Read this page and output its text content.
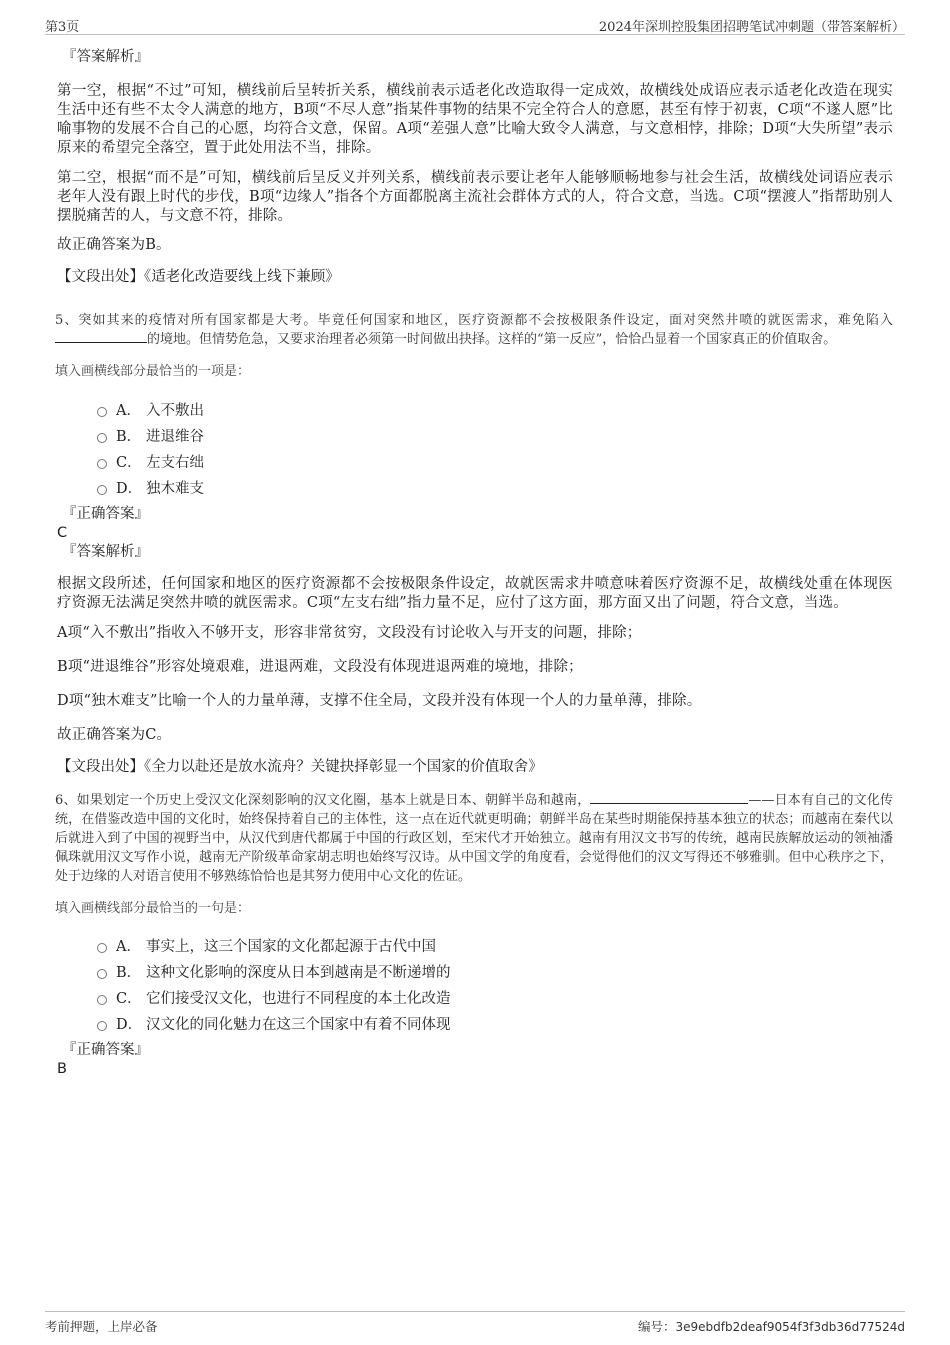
第3页	2024年深圳控股集团招聘笔试冲刺题（带答案解析）

『答案解析』

第一空，根据“不过”可知，横线前后呈转折关系，横线前表示适老化改造取得一定成效，故横线处成语应表示适老化改造在现实生活中还有些不太令人满意的地方，B项“不尽人意”指某件事物的结果不完全符合人的意愿，甚至有悖于初衷，C项“不遂人愿”比喻事物的发展不合自己的心愿，均符合文意，保留。A项“差强人意”比喻大致令人满意，与文意相悖，排除；D项“大失所望”表示原来的希望完全落空，置于此处用法不当，排除。

第二空，根据“而不是”可知，横线前后呈反义并列关系，横线前表示要让老年人能够顺畅地参与社会生活，故横线处词语应表示老年人没有跟上时代的步伐，B项“边缘人”指各个方面都脱离主流社会群体方式的人，符合文意，当选。C项“摆渡人”指帮助别人摆脱痛苦的人，与文意不符，排除。

故正确答案为B。

【文段出处】《适老化改造要线上线下兼顾》

5、突如其来的疫情对所有国家都是大考。毕竟任何国家和地区，医疗资源都不会按极限条件设定，面对突然井喷的就医需求，难免陷入的境地。但情势危急，又要求治理者必须第一时间做出抉择。这样的“第一反应”，恰恰凸显着一个国家真正的价值取舍。

填入画横线部分最恰当的一项是：

A． 入不敷出
B． 进退维谷
C． 左支右绌
D． 独木难支

『正确答案』

C

『答案解析』

根据文段所述，任何国家和地区的医疗资源都不会按极限条件设定，故就医需求井喷意味着医疗资源不足，故横线处重在体现医疗资源无法满足突然井喷的就医需求。C项“左支右绌”指力量不足，应付了这方面，那方面又出了问题，符合文意，当选。

A项“入不敷出”指收入不够开支，形容非常贫穷，文段没有讨论收入与开支的问题，排除；

B项“进退维谷”形容处境艰难，进退两难，文段没有体现进退两难的境地，排除；

D项“独木难支”比喻一个人的力量单薄，支撑不住全局，文段并没有体现一个人的力量单薄，排除。

故正确答案为C。

【文段出处】《全力以赴还是放水流舟？关键抉择彰显一个国家的价值取舍》

6、如果划定一个历史上受汉文化深刻影响的汉文化圈，基本上就是日本、朝鲜半岛和越南，	——日本有自己的文化传统，在借鉴改造中国的文化时，始终保持着自己的主体性，这一点在近代就更明确；朝鲜半岛在某些时期能保持基本独立的状态；而越南在秦代以后就进入到了中国的视野当中，从汉代到唐代都属于中国的行政区划，至宋代才开始独立。越南有用汉文书写的传统，越南民族解放运动的领袖潘佩珠就用汉文写作小说，越南无产阶级革命家胡志明也始终写汉诗。从中国文学的角度看，会觉得他们的汉文写得还不够雅驯。但中心秩序之下，处于边缘的人对语言使用不够熟练恰恰也是其努力使用中心文化的佐证。

填入画横线部分最恰当的一句是：

A． 事实上，这三个国家的文化都起源于古代中国
B． 这种文化影响的深度从日本到越南是不断递增的
C． 它们接受汉文化，也进行不同程度的本土化改造
D． 汉文化的同化魅力在这三个国家中有着不同体现

『正确答案』

B

考前押题，上岸必备	编号：3e9ebdfb2deaf9054f3f3db36d77524d
